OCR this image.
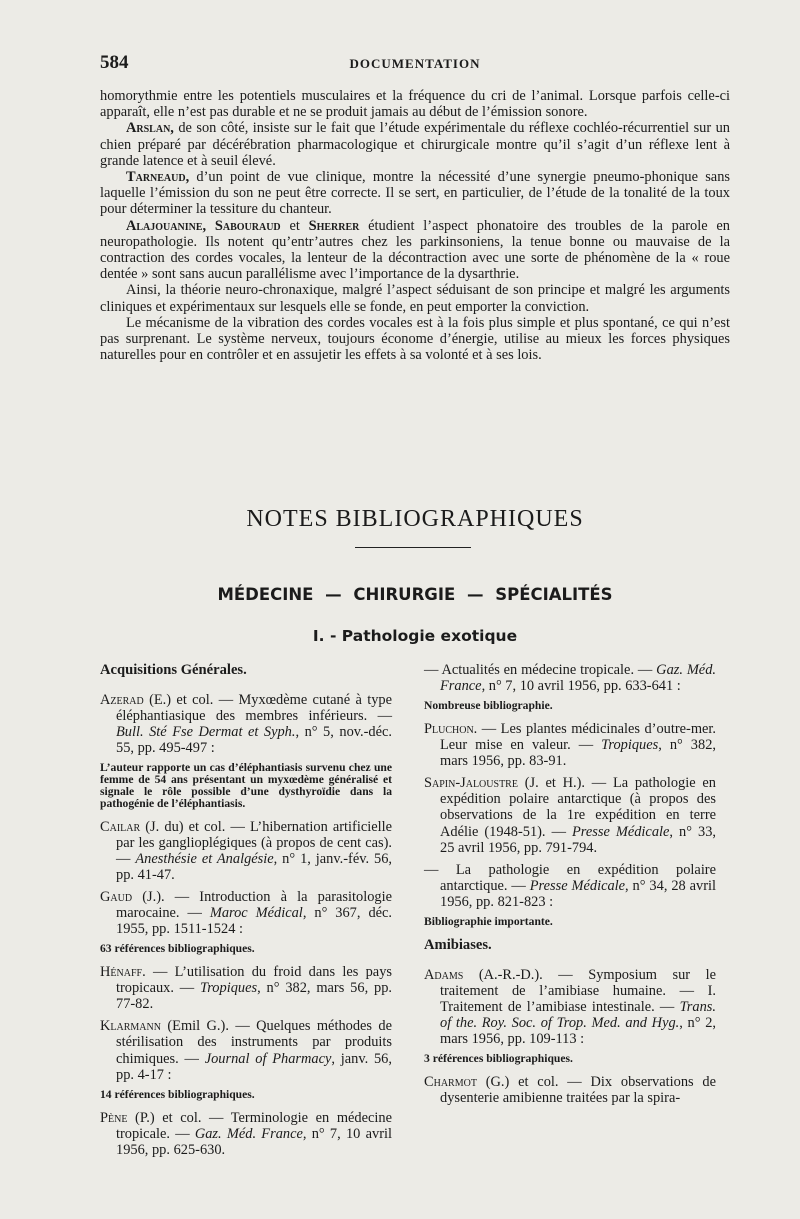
584	DOCUMENTATION

homorythmie entre les potentiels musculaires et la fréquence du cri de l’animal. Lorsque parfois celle-ci apparaît, elle n’est pas durable et ne se produit jamais au début de l’émission sonore.

Arslan, de son côté, insiste sur le fait que l’étude expérimentale du réflexe cochléo-récurrentiel sur un chien préparé par décérébration pharmacologique et chirurgicale montre qu’il s’agit d’un réflexe lent à grande latence et à seuil élevé.

Tarneaud, d’un point de vue clinique, montre la nécessité d’une synergie pneumo-phonique sans laquelle l’émission du son ne peut être correcte. Il se sert, en particulier, de l’étude de la tonalité de la toux pour déterminer la tessiture du chanteur.

Alajouanine, Sabouraud et Sherrer étudient l’aspect phonatoire des troubles de la parole en neuropathologie. Ils notent qu’entr’autres chez les parkinsoniens, la tenue bonne ou mauvaise de la contraction des cordes vocales, la lenteur de la décontraction avec une sorte de phénomène de la « roue dentée » sont sans aucun parallélisme avec l’importance de la dysarthrie.

Ainsi, la théorie neuro-chronaxique, malgré l’aspect séduisant de son principe et malgré les arguments cliniques et expérimentaux sur lesquels elle se fonde, en peut emporter la conviction.

Le mécanisme de la vibration des cordes vocales est à la fois plus simple et plus spontané, ce qui n’est pas surprenant. Le système nerveux, toujours économe d’énergie, utilise au mieux les forces physiques naturelles pour en contrôler et en assujetir les effets à sa volonté et à ses lois.

NOTES BIBLIOGRAPHIQUES
MÉDECINE — CHIRURGIE — SPÉCIALITÉS
I. - Pathologie exotique
Acquisitions Générales.
Azerad (E.) et col. — Myxœdème cutané à type éléphantiasique des membres inférieurs. — Bull. Sté Fse Dermat et Syph., n° 5, nov.-déc. 55, pp. 495-497 :
L’auteur rapporte un cas d’éléphantiasis survenu chez une femme de 54 ans présentant un myxœdème généralisé et signale le rôle possible d’une dysthyroïdie dans la pathogénie de l’éléphantiasis.
Cailar (J. du) et col. — L’hibernation artificielle par les ganglioplégiques (à propos de cent cas). — Anesthésie et Analgésie, n° 1, janv.-fév. 56, pp. 41-47.
Gaud (J.). — Introduction à la parasitologie marocaine. — Maroc Médical, n° 367, déc. 1955, pp. 1511-1524 :
63 références bibliographiques.
Hénaff. — L’utilisation du froid dans les pays tropicaux. — Tropiques, n° 382, mars 56, pp. 77-82.
Klarmann (Emil G.). — Quelques méthodes de stérilisation des instruments par produits chimiques. — Journal of Pharmacy, janv. 56, pp. 4-17 :
14 références bibliographiques.
Pène (P.) et col. — Terminologie en médecine tropicale. — Gaz. Méd. France, n° 7, 10 avril 1956, pp. 625-630.
— Actualités en médecine tropicale. — Gaz. Méd. France, n° 7, 10 avril 1956, pp. 633-641 :
Nombreuse bibliographie.
Pluchon. — Les plantes médicinales d’outre-mer. Leur mise en valeur. — Tropiques, n° 382, mars 1956, pp. 83-91.
Sapin-Jaloustre (J. et H.). — La pathologie en expédition polaire antarctique (à propos des observations de la 1re expédition en terre Adélie (1948-51). — Presse Médicale, n° 33, 25 avril 1956, pp. 791-794.
— La pathologie en expédition polaire antarctique. — Presse Médicale, n° 34, 28 avril 1956, pp. 821-823 :
Bibliographie importante.
Amibiases.
Adams (A.-R.-D.). — Symposium sur le traitement de l’amibiase humaine. — I. Traitement de l’amibiase intestinale. — Trans. of the. Roy. Soc. of Trop. Med. and Hyg., n° 2, mars 1956, pp. 109-113 :
3 références bibliographiques.
Charmot (G.) et col. — Dix observations de dysenterie amibienne traitées par la spira-
